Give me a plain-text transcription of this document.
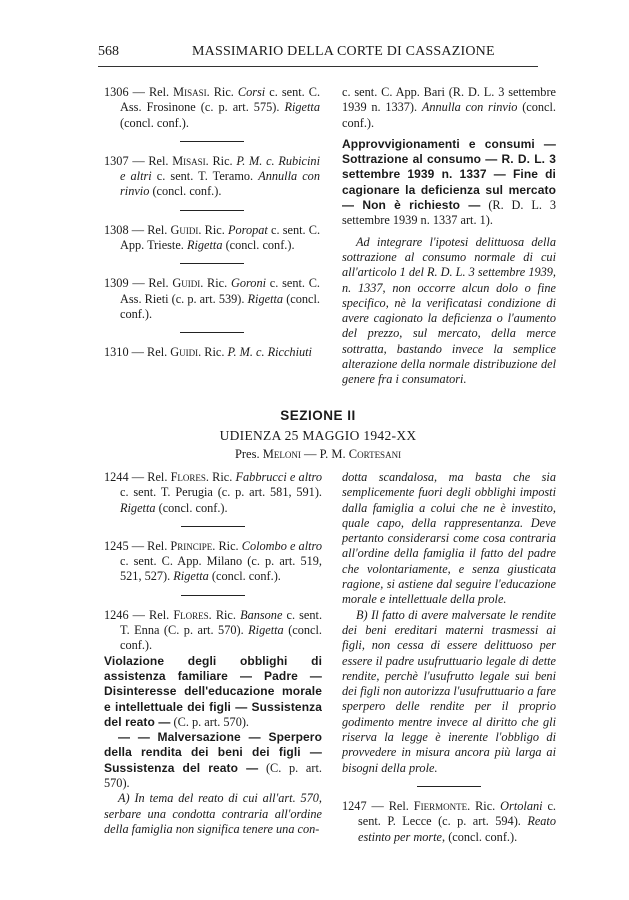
568	MASSIMARIO DELLA CORTE DI CASSAZIONE

1306 — Rel. Misasi. Ric. Corsi c. sent. C. Ass. Frosinone (c. p. art. 575). Rigetta (concl. conf.).

1307 — Rel. Misasi. Ric. P. M. c. Rubicini e altri c. sent. T. Teramo. Annulla con rinvio (concl. conf.).

1308 — Rel. Guidi. Ric. Poropat c. sent. C. App. Trieste. Rigetta (concl. conf.).

1309 — Rel. Guidi. Ric. Goroni c. sent. C. Ass. Rieti (c. p. art. 539). Rigetta (concl. conf.).

1310 — Rel. Guidi. Ric. P. M. c. Ricchiuti

c. sent. C. App. Bari (R. D. L. 3 settembre 1939 n. 1337). Annulla con rinvio (concl. conf.).

Approvvigionamenti e consumi — Sottrazione al consumo — R. D. L. 3 settembre 1939 n. 1337 — Fine di cagionare la deficienza sul mercato — Non è richiesto — (R. D. L. 3 settembre 1939 n. 1337 art. 1).

Ad integrare l'ipotesi delittuosa della sottrazione al consumo normale di cui all'articolo 1 del R. D. L. 3 settembre 1939, n. 1337, non occorre alcun dolo o fine specifico, nè la verificatasi condizione di avere cagionato la deficienza o l'aumento del prezzo, sul mercato, della merce sottratta, bastando invece la semplice alterazione della normale distribuzione del genere fra i consumatori.

SEZIONE II
UDIENZA 25 MAGGIO 1942-XX
Pres. Meloni — P. M. Cortesani

1244 — Rel. Flores. Ric. Fabbrucci e altro c. sent. T. Perugia (c. p. art. 581, 591). Rigetta (concl. conf.).

1245 — Rel. Principe. Ric. Colombo e altro c. sent. C. App. Milano (c. p. art. 519, 521, 527). Rigetta (concl. conf.).

1246 — Rel. Flores. Ric. Bansone c. sent. T. Enna (C. p. art. 570). Rigetta (concl. conf.).

Violazione degli obblighi di assistenza familiare — Padre — Disinteresse dell'educazione morale e intellettuale dei figli — Sussistenza del reato — (C. p. art. 570).

— — Malversazione — Sperpero della rendita dei beni dei figli — Sussistenza del reato — (C. p. art. 570).

A) In tema del reato di cui all'art. 570, serbare una condotta contraria all'ordine della famiglia non significa tenere una con-

dotta scandalosa, ma basta che sia semplicemente fuori degli obblighi imposti dalla famiglia a colui che ne è investito, quale capo, della rappresentanza. Deve pertanto considerarsi come cosa contraria all'ordine della famiglia il fatto del padre che volontariamente, e senza giusticata ragione, si astiene dal seguire l'educazione morale e intellettuale della prole.

B) Il fatto di avere malversate le rendite dei beni ereditari materni trasmessi ai figli, non cessa di essere delittuoso per essere il padre usufruttuario legale di dette rendite, perchè l'usufrutto legale sui beni dei figli non autorizza l'usufruttuario a fare sperpero delle rendite per il proprio godimento mentre invece al diritto che gli riserva la legge è inerente l'obbligo di provvedere in misura ancora più larga ai bisogni della prole.

1247 — Rel. Fiermonte. Ric. Ortolani c. sent. P. Lecce (c. p. art. 594). Reato estinto per morte, (concl. conf.).
